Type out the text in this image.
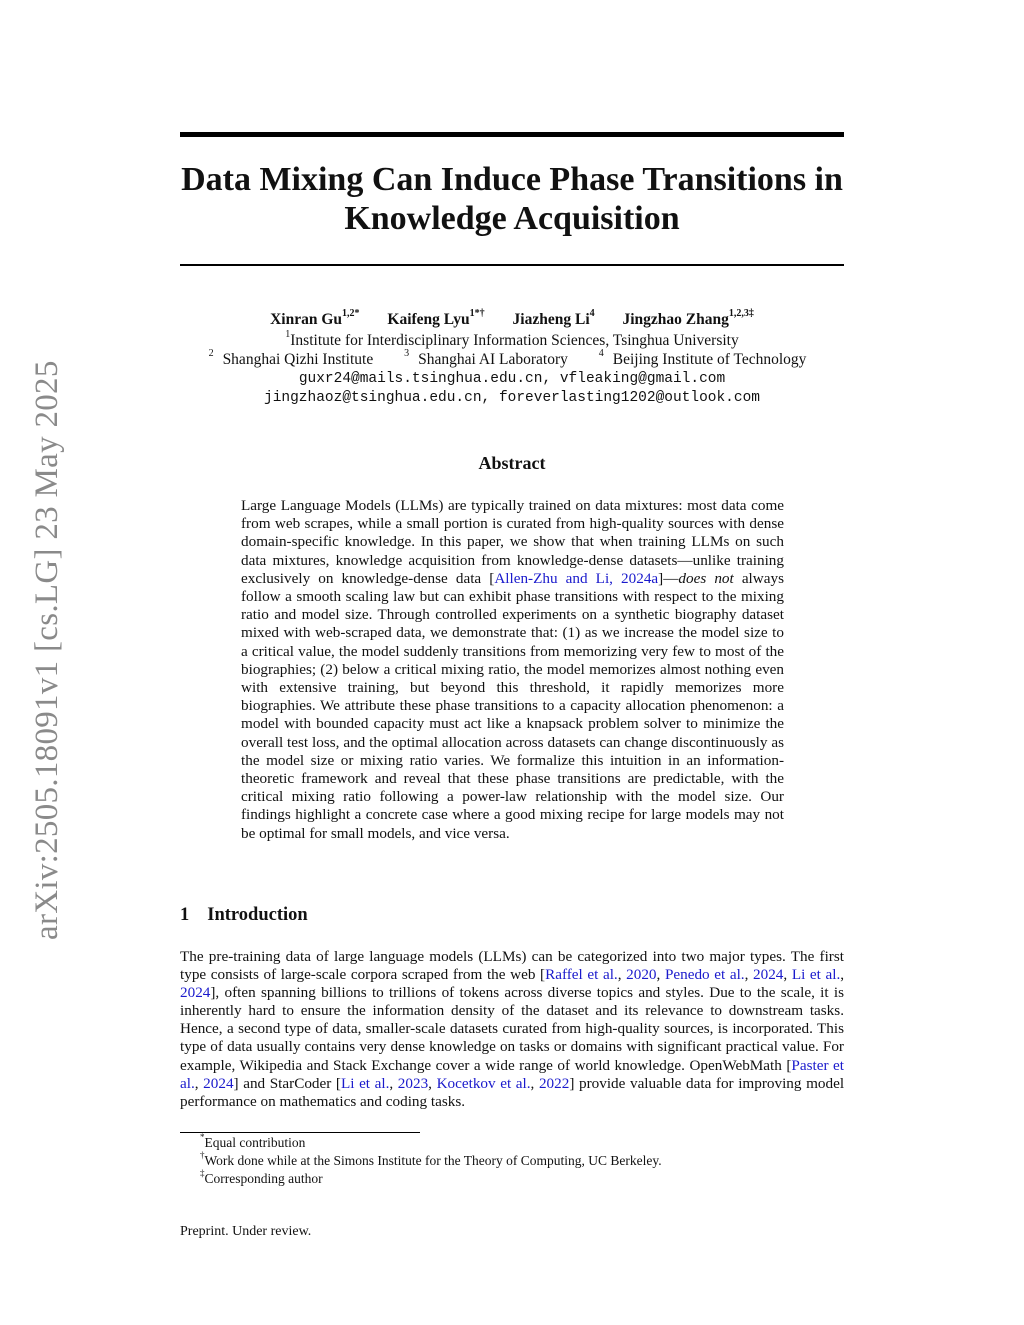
arXiv:2505.18091v1 [cs.LG] 23 May 2025
Data Mixing Can Induce Phase Transitions in
Knowledge Acquisition
Xinran $Gu^{1,2*}$ Kaifeng Lyu$^{1*\dagger}$ Jiazheng Li$^4$ Jingzhao Zhang$^{1,2,3\ddagger}$
$^1$Institute for Interdisciplinary Information Sciences, Tsinghua University
$^2$ Shanghai Qizhi Institute	$^3$ Shanghai AI Laboratory	$^4$ Beijing Institute of Technology
guxr24@mails.tsinghua.edu.cn, vfleaking@gmail.com
jingzhaoz@tsinghua.edu.cn, foreverlasting1202@outlook.com
Abstract
Large Language Models (LLMs) are typically trained on data mixtures: most data come from web scrapes, while a small portion is curated from high-quality sources with dense domain-specific knowledge. In this paper, we show that when training LLMs on such data mixtures, knowledge acquisition from knowledge-dense datasets—unlike training exclusively on knowledge-dense data [Allen-Zhu and Li, 2024a]—does not always follow a smooth scaling law but can exhibit phase transitions with respect to the mixing ratio and model size. Through controlled experiments on a synthetic biography dataset mixed with web-scraped data, we demonstrate that: (1) as we increase the model size to a critical value, the model suddenly transitions from memorizing very few to most of the biographies; (2) below a critical mixing ratio, the model memorizes almost nothing even with extensive training, but beyond this threshold, it rapidly memorizes more biographies. We attribute these phase transitions to a capacity allocation phenomenon: a model with bounded capacity must act like a knapsack problem solver to minimize the overall test loss, and the optimal allocation across datasets can change discontinuously as the model size or mixing ratio varies. We formalize this intuition in an information-theoretic framework and reveal that these phase transitions are predictable, with the critical mixing ratio following a power-law relationship with the model size. Our findings highlight a concrete case where a good mixing recipe for large models may not be optimal for small models, and vice versa.
1 Introduction
The pre-training data of large language models (LLMs) can be categorized into two major types. The first type consists of large-scale corpora scraped from the web [Raffel et al., 2020, Penedo et al., 2024, Li et al., 2024], often spanning billions to trillions of tokens across diverse topics and styles. Due to the scale, it is inherently hard to ensure the information density of the dataset and its relevance to downstream tasks. Hence, a second type of data, smaller-scale datasets curated from high-quality sources, is incorporated. This type of data usually contains very dense knowledge on tasks or domains with significant practical value. For example, Wikipedia and Stack Exchange cover a wide range of world knowledge. OpenWebMath [Paster et al., 2024] and StarCoder [Li et al., 2023, Kocetkov et al., 2022] provide valuable data for improving model performance on mathematics and coding tasks.
*Equal contribution
†Work done while at the Simons Institute for the Theory of Computing, UC Berkeley.
‡Corresponding author
Preprint. Under review.
